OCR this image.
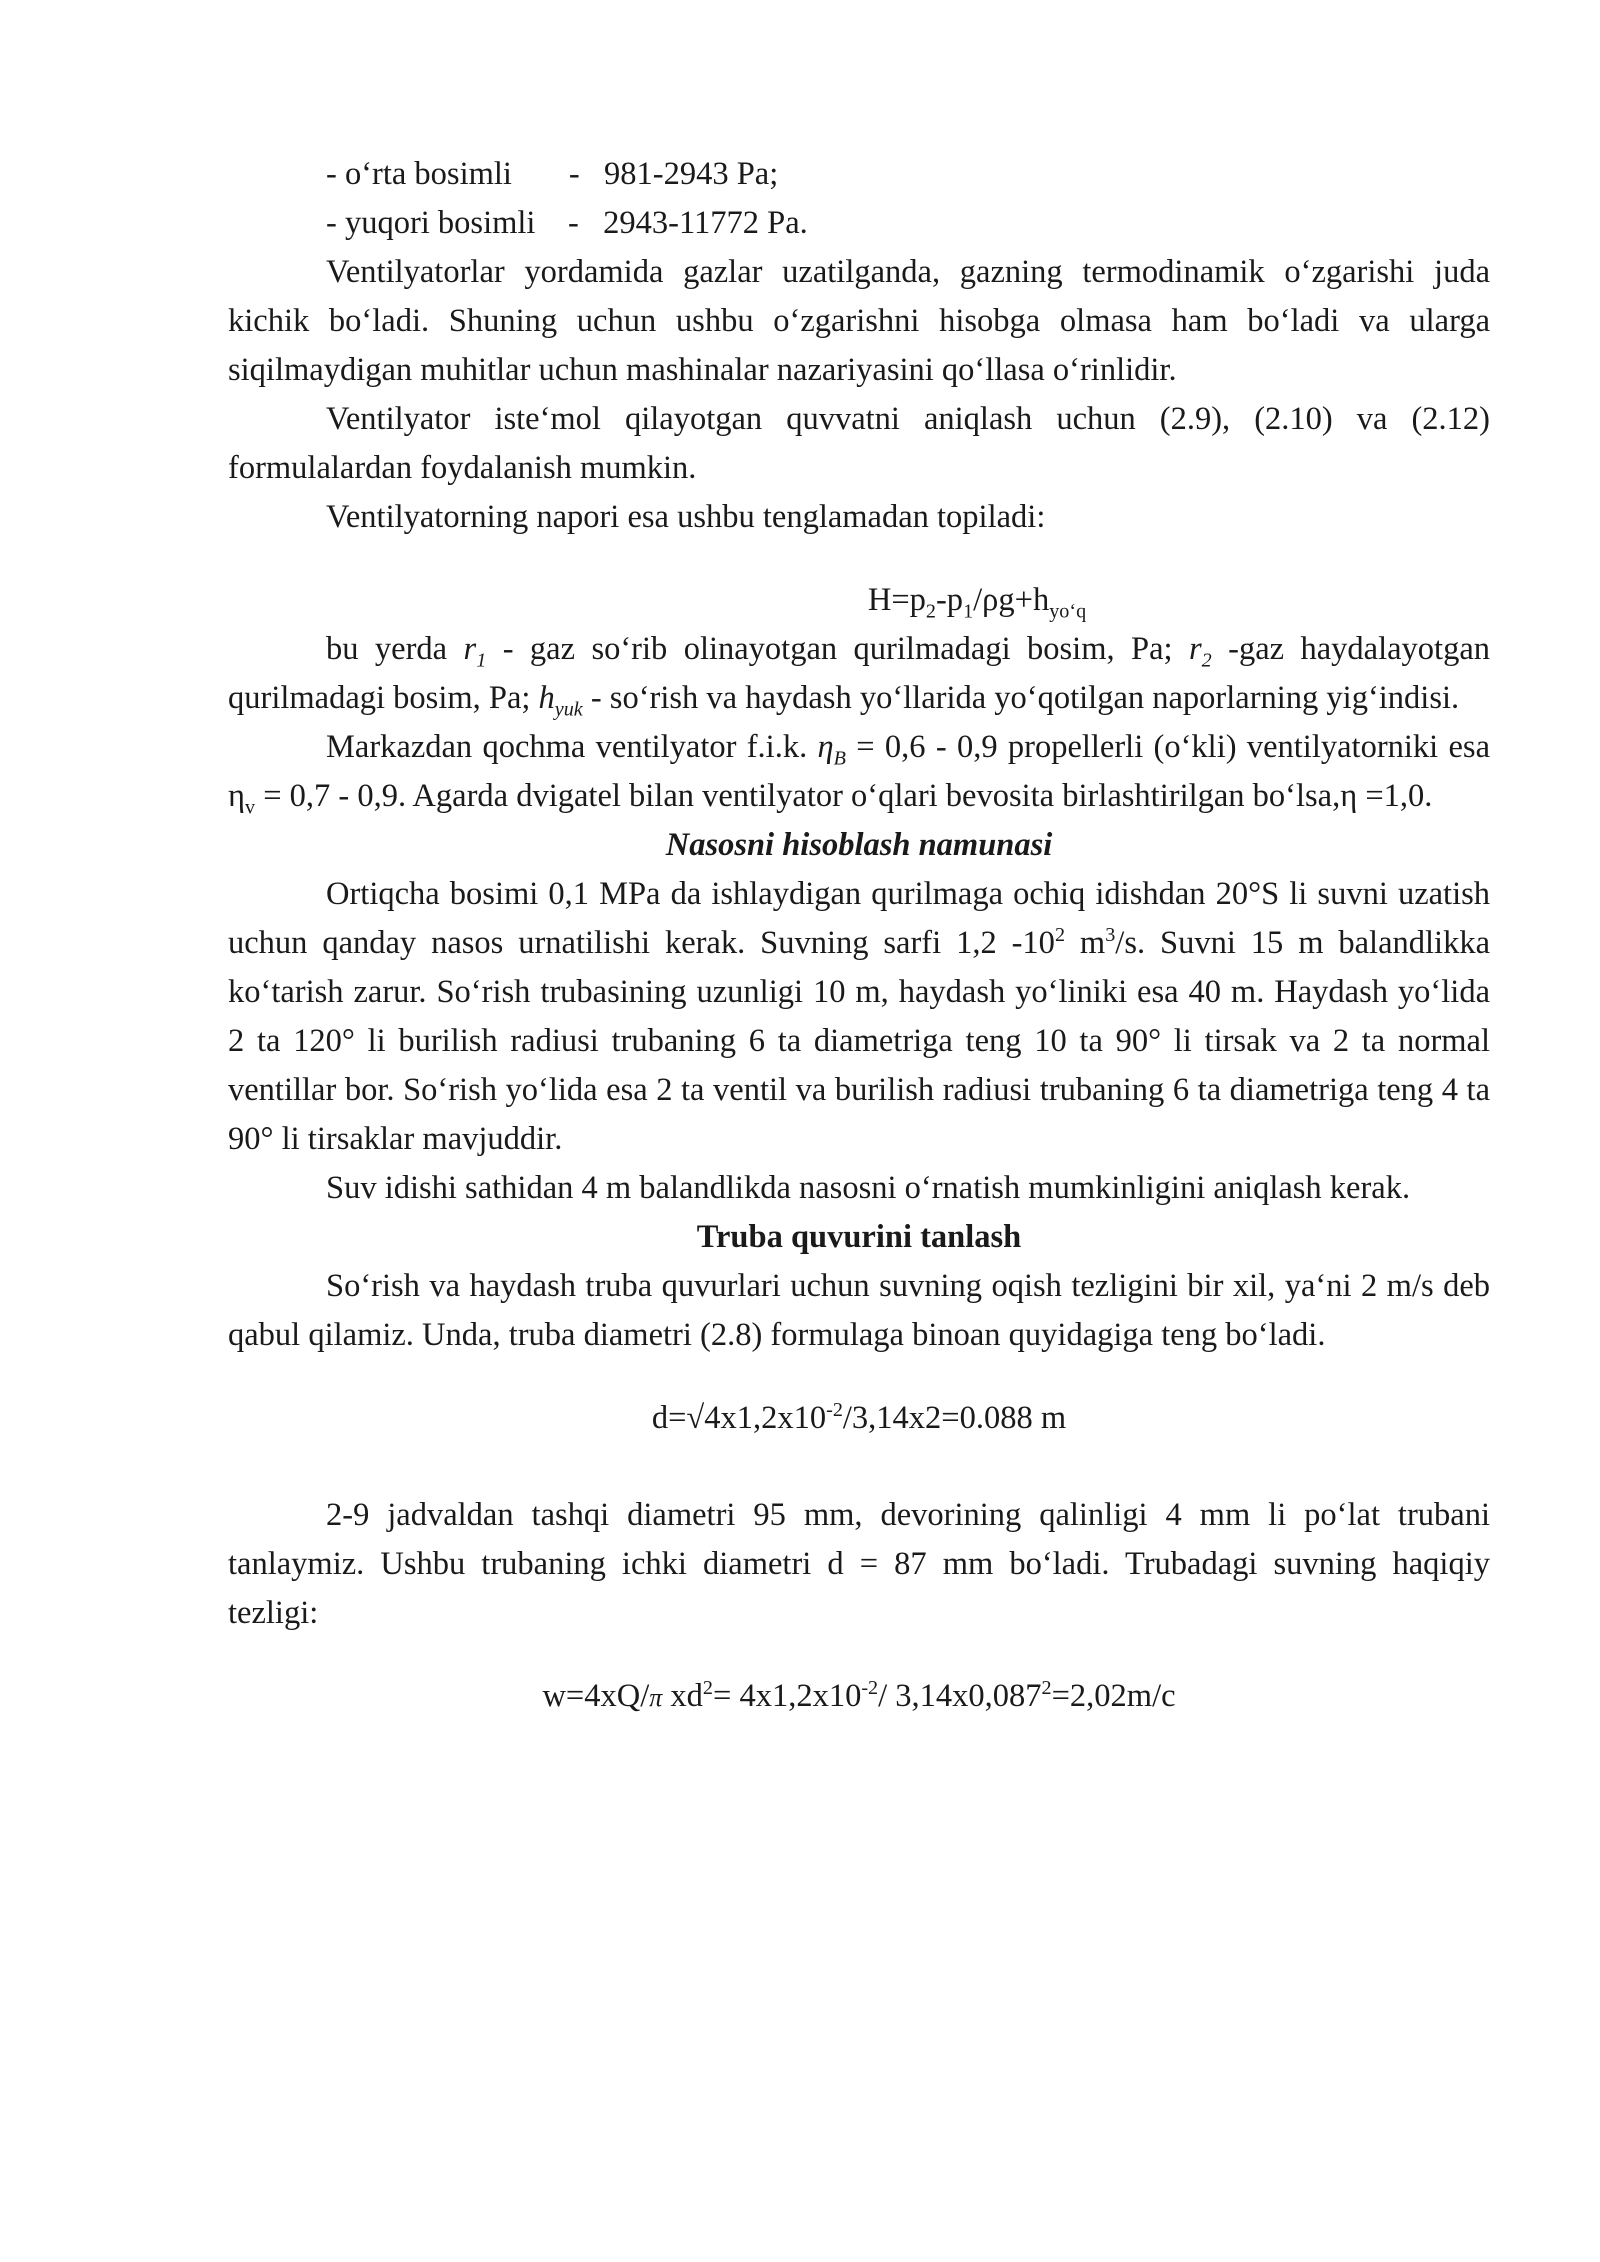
- o‘rta bosimli       -   981-2943 Pa;

- yuqori bosimli    -   2943-11772 Pa.

Ventilyatorlar yordamida gazlar uzatilganda, gazning termodinamik o‘zgarishi juda kichik bo‘ladi. Shuning uchun ushbu o‘zgarishni hisobga olmasa ham bo‘ladi va ularga siqilmaydigan muhitlar uchun mashinalar nazariyasini qo‘llasa o‘rinlidir.

Ventilyator iste‘mol qilayotgan quvvatni aniqlash uchun (2.9), (2.10) va (2.12) formulalardan foydalanish mumkin.

Ventilyatorning napori esa ushbu tenglamadan topiladi:

$H=p_2-p_1/\rho g+h_{yo‘q}$

bu yerda $r_1$ - gaz so‘rib olinayotgan qurilmadagi bosim, Pa; $r_2$ -gaz haydalayotgan qurilmadagi bosim, Pa; $h_{yuk}$ - so‘rish va haydash yo‘llarida yo‘qotilgan naporlarning yig‘indisi.

Markazdan qochma ventilyator f.i.k. $\eta_B = 0,6 - 0,9$ propellerli (o‘kli) ventilyatorniki esa $\eta_v = 0,7 - 0,9$. Agarda dvigatel bilan ventilyator o‘qlari bevosita birlashtirilgan bo‘lsa,η =1,0.

Nasosni hisoblash namunasi

Ortiqcha bosimi 0,1 MPa da ishlaydigan qurilmaga ochiq idishdan 20°S li suvni uzatish uchun qanday nasos urnatilishi kerak. Suvning sarfi 1,2 $-10^2$ $m^3/s$. Suvni 15 m balandlikka ko‘tarish zarur. So‘rish trubasining uzunligi 10 m, haydash yo‘liniki esa 40 m. Haydash yo‘lida 2 ta 120° li burilish radiusi trubaning 6 ta diametriga teng 10 ta 90° li tirsak va 2 ta normal ventillar bor. So‘rish yo‘lida esa 2 ta ventil va burilish radiusi trubaning 6 ta diametriga teng 4 ta 90° li tirsaklar mavjuddir.

Suv idishi sathidan 4 m balandlikda nasosni o‘rnatish mumkinligini aniqlash kerak.

Truba quvurini tanlash

So‘rish va haydash truba quvurlari uchun suvning oqish tezligini bir xil, ya‘ni 2 m/s deb qabul qilamiz. Unda, truba diametri (2.8) formulaga binoan quyidagiga teng bo‘ladi.

$d=√4x1,2x10^{-2}/3,14x2=0.088$ m

2-9 jadvaldan tashqi diametri 95 mm, devorining qalinligi 4 mm li po‘lat trubani tanlaymiz. Ushbu trubaning ichki diametri d = 87 mm bo‘ladi. Trubadagi suvning haqiqiy tezligi:

w=4xQ/π $xd^2= 4x1,2x10^{-2}/$ $3,14x0,087^2=2,02m/c$
